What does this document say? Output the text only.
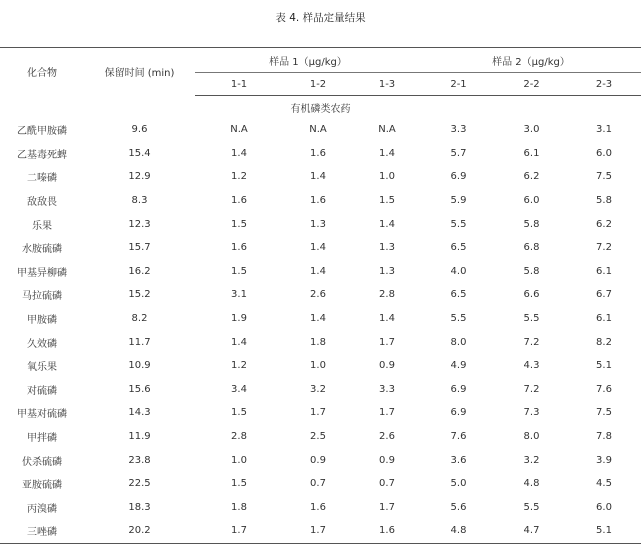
表 4. 样品定量结果
化合物	保留时间 (min)	样品 1（μg/kg）			样品 2（μg/kg）		
		1-1	1-2	1-3	2-1	2-2	2-3
有机磷类农药							
乙酰甲胺磷	9.6	N.A	N.A	N.A	3.3	3.0	3.1
乙基毒死蜱	15.4	1.4	1.6	1.4	5.7	6.1	6.0
二嗪磷	12.9	1.2	1.4	1.0	6.9	6.2	7.5
敌敌畏	8.3	1.6	1.6	1.5	5.9	6.0	5.8
乐果	12.3	1.5	1.3	1.4	5.5	5.8	6.2
水胺硫磷	15.7	1.6	1.4	1.3	6.5	6.8	7.2
甲基异柳磷	16.2	1.5	1.4	1.3	4.0	5.8	6.1
马拉硫磷	15.2	3.1	2.6	2.8	6.5	6.6	6.7
甲胺磷	8.2	1.9	1.4	1.4	5.5	5.5	6.1
久效磷	11.7	1.4	1.8	1.7	8.0	7.2	8.2
氧乐果	10.9	1.2	1.0	0.9	4.9	4.3	5.1
对硫磷	15.6	3.4	3.2	3.3	6.9	7.2	7.6
甲基对硫磷	14.3	1.5	1.7	1.7	6.9	7.3	7.5
甲拌磷	11.9	2.8	2.5	2.6	7.6	8.0	7.8
伏杀硫磷	23.8	1.0	0.9	0.9	3.6	3.2	3.9
亚胺硫磷	22.5	1.5	0.7	0.7	5.0	4.8	4.5
丙溴磷	18.3	1.8	1.6	1.7	5.6	5.5	6.0
三唑磷	20.2	1.7	1.7	1.6	4.8	4.7	5.1
